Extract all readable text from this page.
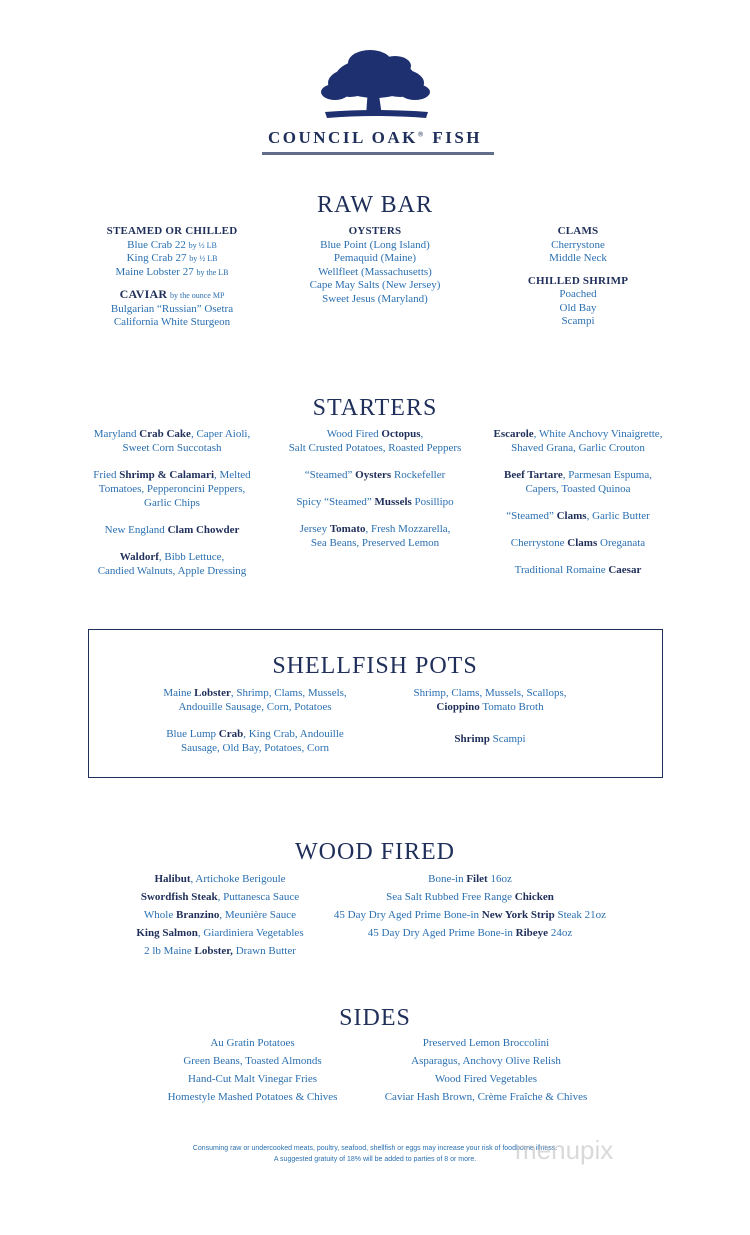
COUNCIL OAK® FISH
RAW BAR
STEAMED OR CHILLED
Blue Crab 22 by ½ LB
King Crab 27 by ½ LB
Maine Lobster 27 by the LB
CAVIAR by the ounce MP
Bulgarian “Russian” Osetra
California White Sturgeon
OYSTERS
Blue Point (Long Island)
Pemaquid (Maine)
Wellfleet (Massachusetts)
Cape May Salts (New Jersey)
Sweet Jesus (Maryland)
CLAMS
Cherrystone
Middle Neck
CHILLED SHRIMP
Poached
Old Bay
Scampi
STARTERS
Maryland Crab Cake, Caper Aioli,
Sweet Corn Succotash
Fried Shrimp & Calamari, Melted
Tomatoes, Pepperoncini Peppers,
Garlic Chips
New England Clam Chowder
Waldorf, Bibb Lettuce,
Candied Walnuts, Apple Dressing
Wood Fired Octopus,
Salt Crusted Potatoes, Roasted Peppers
“Steamed” Oysters Rockefeller
Spicy “Steamed” Mussels Posillipo
Jersey Tomato, Fresh Mozzarella,
Sea Beans, Preserved Lemon
Escarole, White Anchovy Vinaigrette,
Shaved Grana, Garlic Crouton
Beef Tartare, Parmesan Espuma,
Capers, Toasted Quinoa
“Steamed” Clams, Garlic Butter
Cherrystone Clams Oreganata
Traditional Romaine Caesar
SHELLFISH POTS
Maine Lobster, Shrimp, Clams, Mussels,
Andouille Sausage, Corn, Potatoes
Blue Lump Crab, King Crab, Andouille
Sausage, Old Bay, Potatoes, Corn
Shrimp, Clams, Mussels, Scallops,
Cioppino Tomato Broth
Shrimp Scampi
WOOD FIRED
Halibut, Artichoke Berigoule
Swordfish Steak, Puttanesca Sauce
Whole Branzino, Meunière Sauce
King Salmon, Giardiniera Vegetables
2 lb Maine Lobster, Drawn Butter
Bone-in Filet 16oz
Sea Salt Rubbed Free Range Chicken
45 Day Dry Aged Prime Bone-in New York Strip Steak 21oz
45 Day Dry Aged Prime Bone-in Ribeye 24oz
SIDES
Au Gratin Potatoes
Green Beans, Toasted Almonds
Hand-Cut Malt Vinegar Fries
Homestyle Mashed Potatoes & Chives
Preserved Lemon Broccolini
Asparagus, Anchovy Olive Relish
Wood Fired Vegetables
Caviar Hash Brown, Crème Fraîche & Chives
Consuming raw or undercooked meats, poultry, seafood, shellfish or eggs may increase your risk of foodborne illness.
A suggested gratuity of 18% will be added to parties of 8 or more.	menupix
